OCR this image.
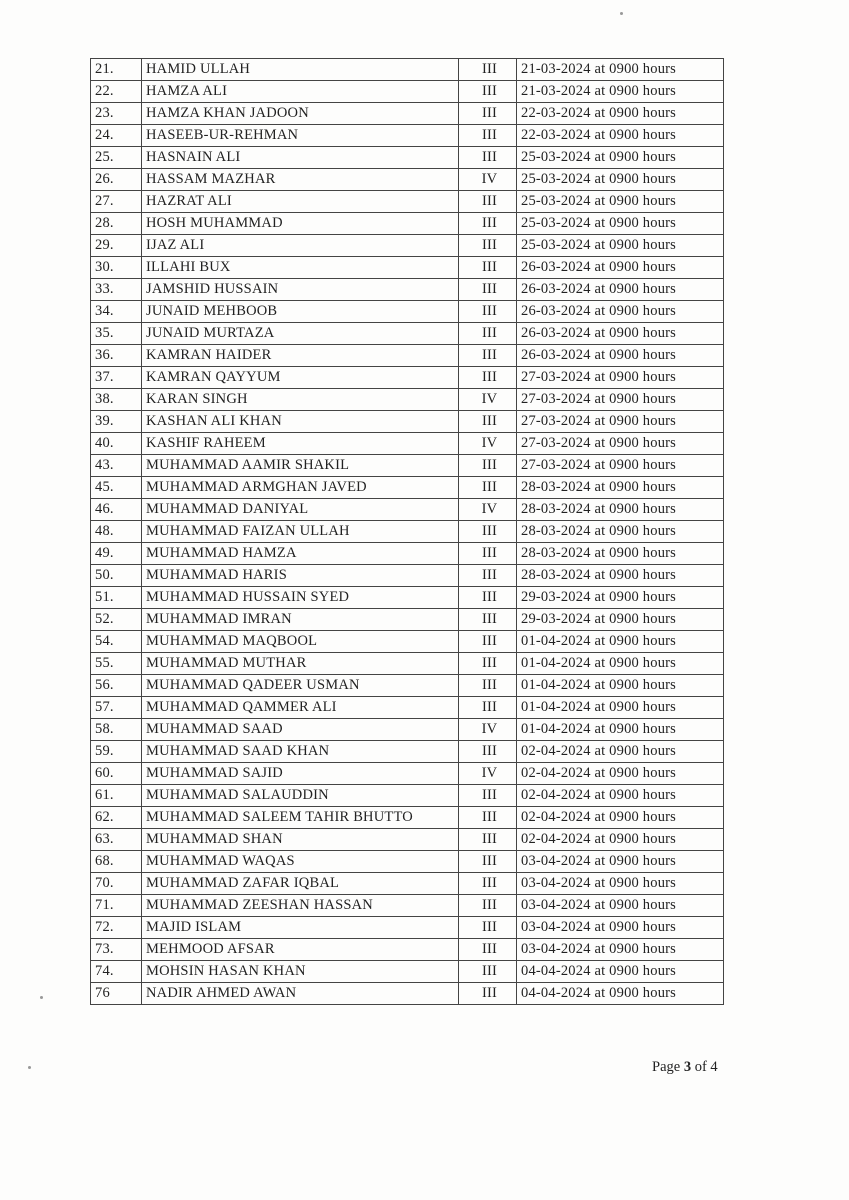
21.	HAMID ULLAH	III	21-03-2024 at 0900 hours
22.	HAMZA ALI	III	21-03-2024 at 0900 hours
23.	HAMZA KHAN JADOON	III	22-03-2024 at 0900 hours
24.	HASEEB-UR-REHMAN	III	22-03-2024 at 0900 hours
25.	HASNAIN ALI	III	25-03-2024 at 0900 hours
26.	HASSAM MAZHAR	IV	25-03-2024 at 0900 hours
27.	HAZRAT ALI	III	25-03-2024 at 0900 hours
28.	HOSH MUHAMMAD	III	25-03-2024 at 0900 hours
29.	IJAZ ALI	III	25-03-2024 at 0900 hours
30.	ILLAHI BUX	III	26-03-2024 at 0900 hours
33.	JAMSHID HUSSAIN	III	26-03-2024 at 0900 hours
34.	JUNAID MEHBOOB	III	26-03-2024 at 0900 hours
35.	JUNAID MURTAZA	III	26-03-2024 at 0900 hours
36.	KAMRAN HAIDER	III	26-03-2024 at 0900 hours
37.	KAMRAN QAYYUM	III	27-03-2024 at 0900 hours
38.	KARAN SINGH	IV	27-03-2024 at 0900 hours
39.	KASHAN ALI KHAN	III	27-03-2024 at 0900 hours
40.	KASHIF RAHEEM	IV	27-03-2024 at 0900 hours
43.	MUHAMMAD AAMIR SHAKIL	III	27-03-2024 at 0900 hours
45.	MUHAMMAD ARMGHAN JAVED	III	28-03-2024 at 0900 hours
46.	MUHAMMAD DANIYAL	IV	28-03-2024 at 0900 hours
48.	MUHAMMAD FAIZAN ULLAH	III	28-03-2024 at 0900 hours
49.	MUHAMMAD HAMZA	III	28-03-2024 at 0900 hours
50.	MUHAMMAD HARIS	III	28-03-2024 at 0900 hours
51.	MUHAMMAD HUSSAIN SYED	III	29-03-2024 at 0900 hours
52.	MUHAMMAD IMRAN	III	29-03-2024 at 0900 hours
54.	MUHAMMAD MAQBOOL	III	01-04-2024 at 0900 hours
55.	MUHAMMAD MUTHAR	III	01-04-2024 at 0900 hours
56.	MUHAMMAD QADEER USMAN	III	01-04-2024 at 0900 hours
57.	MUHAMMAD QAMMER ALI	III	01-04-2024 at 0900 hours
58.	MUHAMMAD SAAD	IV	01-04-2024 at 0900 hours
59.	MUHAMMAD SAAD KHAN	III	02-04-2024 at 0900 hours
60.	MUHAMMAD SAJID	IV	02-04-2024 at 0900 hours
61.	MUHAMMAD SALAUDDIN	III	02-04-2024 at 0900 hours
62.	MUHAMMAD SALEEM TAHIR BHUTTO	III	02-04-2024 at 0900 hours
63.	MUHAMMAD SHAN	III	02-04-2024 at 0900 hours
68.	MUHAMMAD WAQAS	III	03-04-2024 at 0900 hours
70.	MUHAMMAD ZAFAR IQBAL	III	03-04-2024 at 0900 hours
71.	MUHAMMAD ZEESHAN HASSAN	III	03-04-2024 at 0900 hours
72.	MAJID ISLAM	III	03-04-2024 at 0900 hours
73.	MEHMOOD AFSAR	III	03-04-2024 at 0900 hours
74.	MOHSIN HASAN KHAN	III	04-04-2024 at 0900 hours
76	NADIR AHMED AWAN	III	04-04-2024 at 0900 hours
Page 3 of 4
